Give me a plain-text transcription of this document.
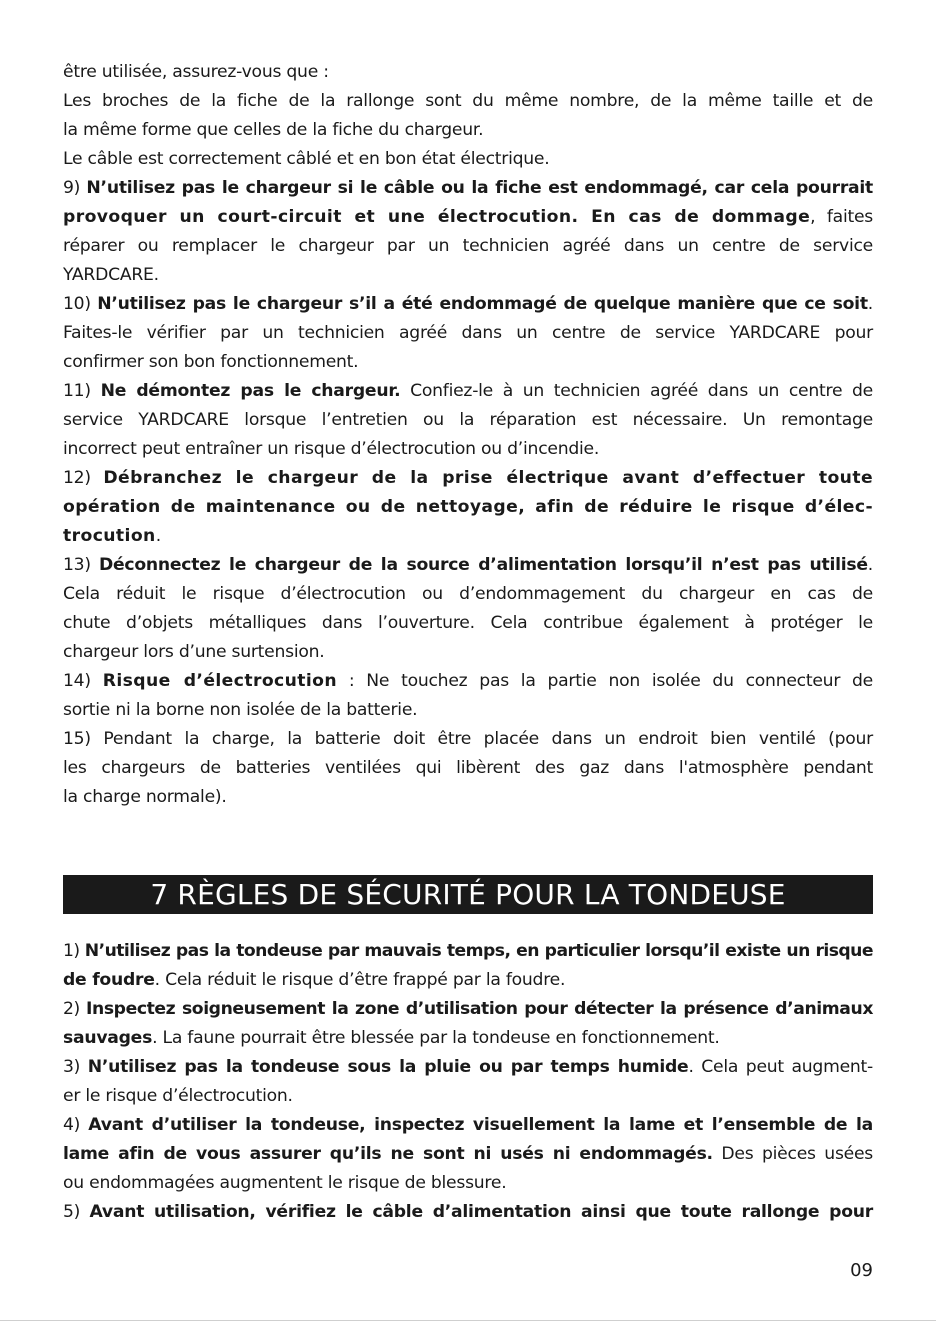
être utilisée, assurez-vous que :
Les broches de la fiche de la rallonge sont du même nombre, de la même taille et de
la même forme que celles de la fiche du chargeur.
Le câble est correctement câblé et en bon état électrique.
9) N’utilisez pas le chargeur si le câble ou la fiche est endommagé, car cela pourrait
provoquer un court-circuit et une électrocution. En cas de dommage, faites
réparer ou remplacer le chargeur par un technicien agréé dans un centre de service
YARDCARE.
10) N’utilisez pas le chargeur s’il a été endommagé de quelque manière que ce soit.
Faites-le vérifier par un technicien agréé dans un centre de service YARDCARE pour
confirmer son bon fonctionnement.
11) Ne démontez pas le chargeur. Confiez-le à un technicien agréé dans un centre de
service YARDCARE lorsque l’entretien ou la réparation est nécessaire. Un remontage
incorrect peut entraîner un risque d’électrocution ou d’incendie.
12) Débranchez le chargeur de la prise électrique avant d’effectuer toute
opération de maintenance ou de nettoyage, afin de réduire le risque d’élec-
trocution.
13) Déconnectez le chargeur de la source d’alimentation lorsqu’il n’est pas utilisé.
Cela réduit le risque d’électrocution ou d’endommagement du chargeur en cas de
chute d’objets métalliques dans l’ouverture. Cela contribue également à protéger le
chargeur lors d’une surtension.
14) Risque d’électrocution : Ne touchez pas la partie non isolée du connecteur de
sortie ni la borne non isolée de la batterie.
15) Pendant la charge, la batterie doit être placée dans un endroit bien ventilé (pour
les chargeurs de batteries ventilées qui libèrent des gaz dans l'atmosphère pendant
la charge normale).
7 RÈGLES DE SÉCURITÉ POUR LA TONDEUSE
1) N’utilisez pas la tondeuse par mauvais temps, en particulier lorsqu’il existe un risque
de foudre. Cela réduit le risque d’être frappé par la foudre.
2) Inspectez soigneusement la zone d’utilisation pour détecter la présence d’animaux
sauvages. La faune pourrait être blessée par la tondeuse en fonctionnement.
3) N’utilisez pas la tondeuse sous la pluie ou par temps humide. Cela peut augment-
er le risque d’électrocution.
4) Avant d’utiliser la tondeuse, inspectez visuellement la lame et l’ensemble de la
lame afin de vous assurer qu’ils ne sont ni usés ni endommagés. Des pièces usées
ou endommagées augmentent le risque de blessure.
5) Avant utilisation, vérifiez le câble d’alimentation ainsi que toute rallonge pour
09
